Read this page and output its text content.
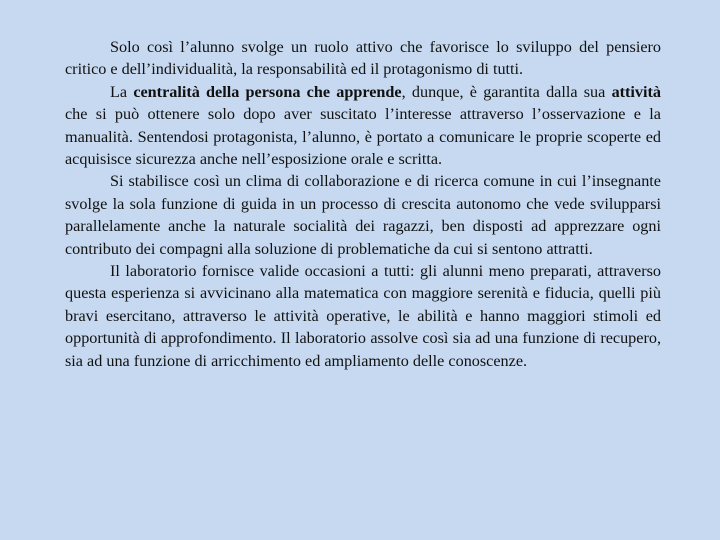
Solo così l’alunno svolge un ruolo attivo che favorisce lo sviluppo del pensiero critico e dell’individualità, la responsabilità ed il protagonismo di tutti.

La centralità della persona che apprende, dunque, è garantita dalla sua attività che si può ottenere solo dopo aver suscitato l’interesse attraverso l’osservazione e la manualità. Sentendosi protagonista, l’alunno, è portato a comunicare le proprie scoperte ed acquisisce sicurezza anche nell’esposizione orale e scritta.

Si stabilisce così un clima di collaborazione e di ricerca comune in cui l’insegnante svolge la sola funzione di guida in un processo di crescita autonomo che vede svilupparsi parallelamente anche la naturale socialità dei ragazzi, ben disposti ad apprezzare ogni contributo dei compagni alla soluzione di problematiche da cui si sentono attratti.

Il laboratorio fornisce valide occasioni a tutti: gli alunni meno preparati, attraverso questa esperienza si avvicinano alla matematica con maggiore serenità e fiducia, quelli più bravi esercitano, attraverso le attività operative, le abilità e hanno maggiori stimoli ed opportunità di approfondimento. Il laboratorio assolve così sia ad una funzione di recupero, sia ad una funzione di arricchimento ed ampliamento delle conoscenze.
